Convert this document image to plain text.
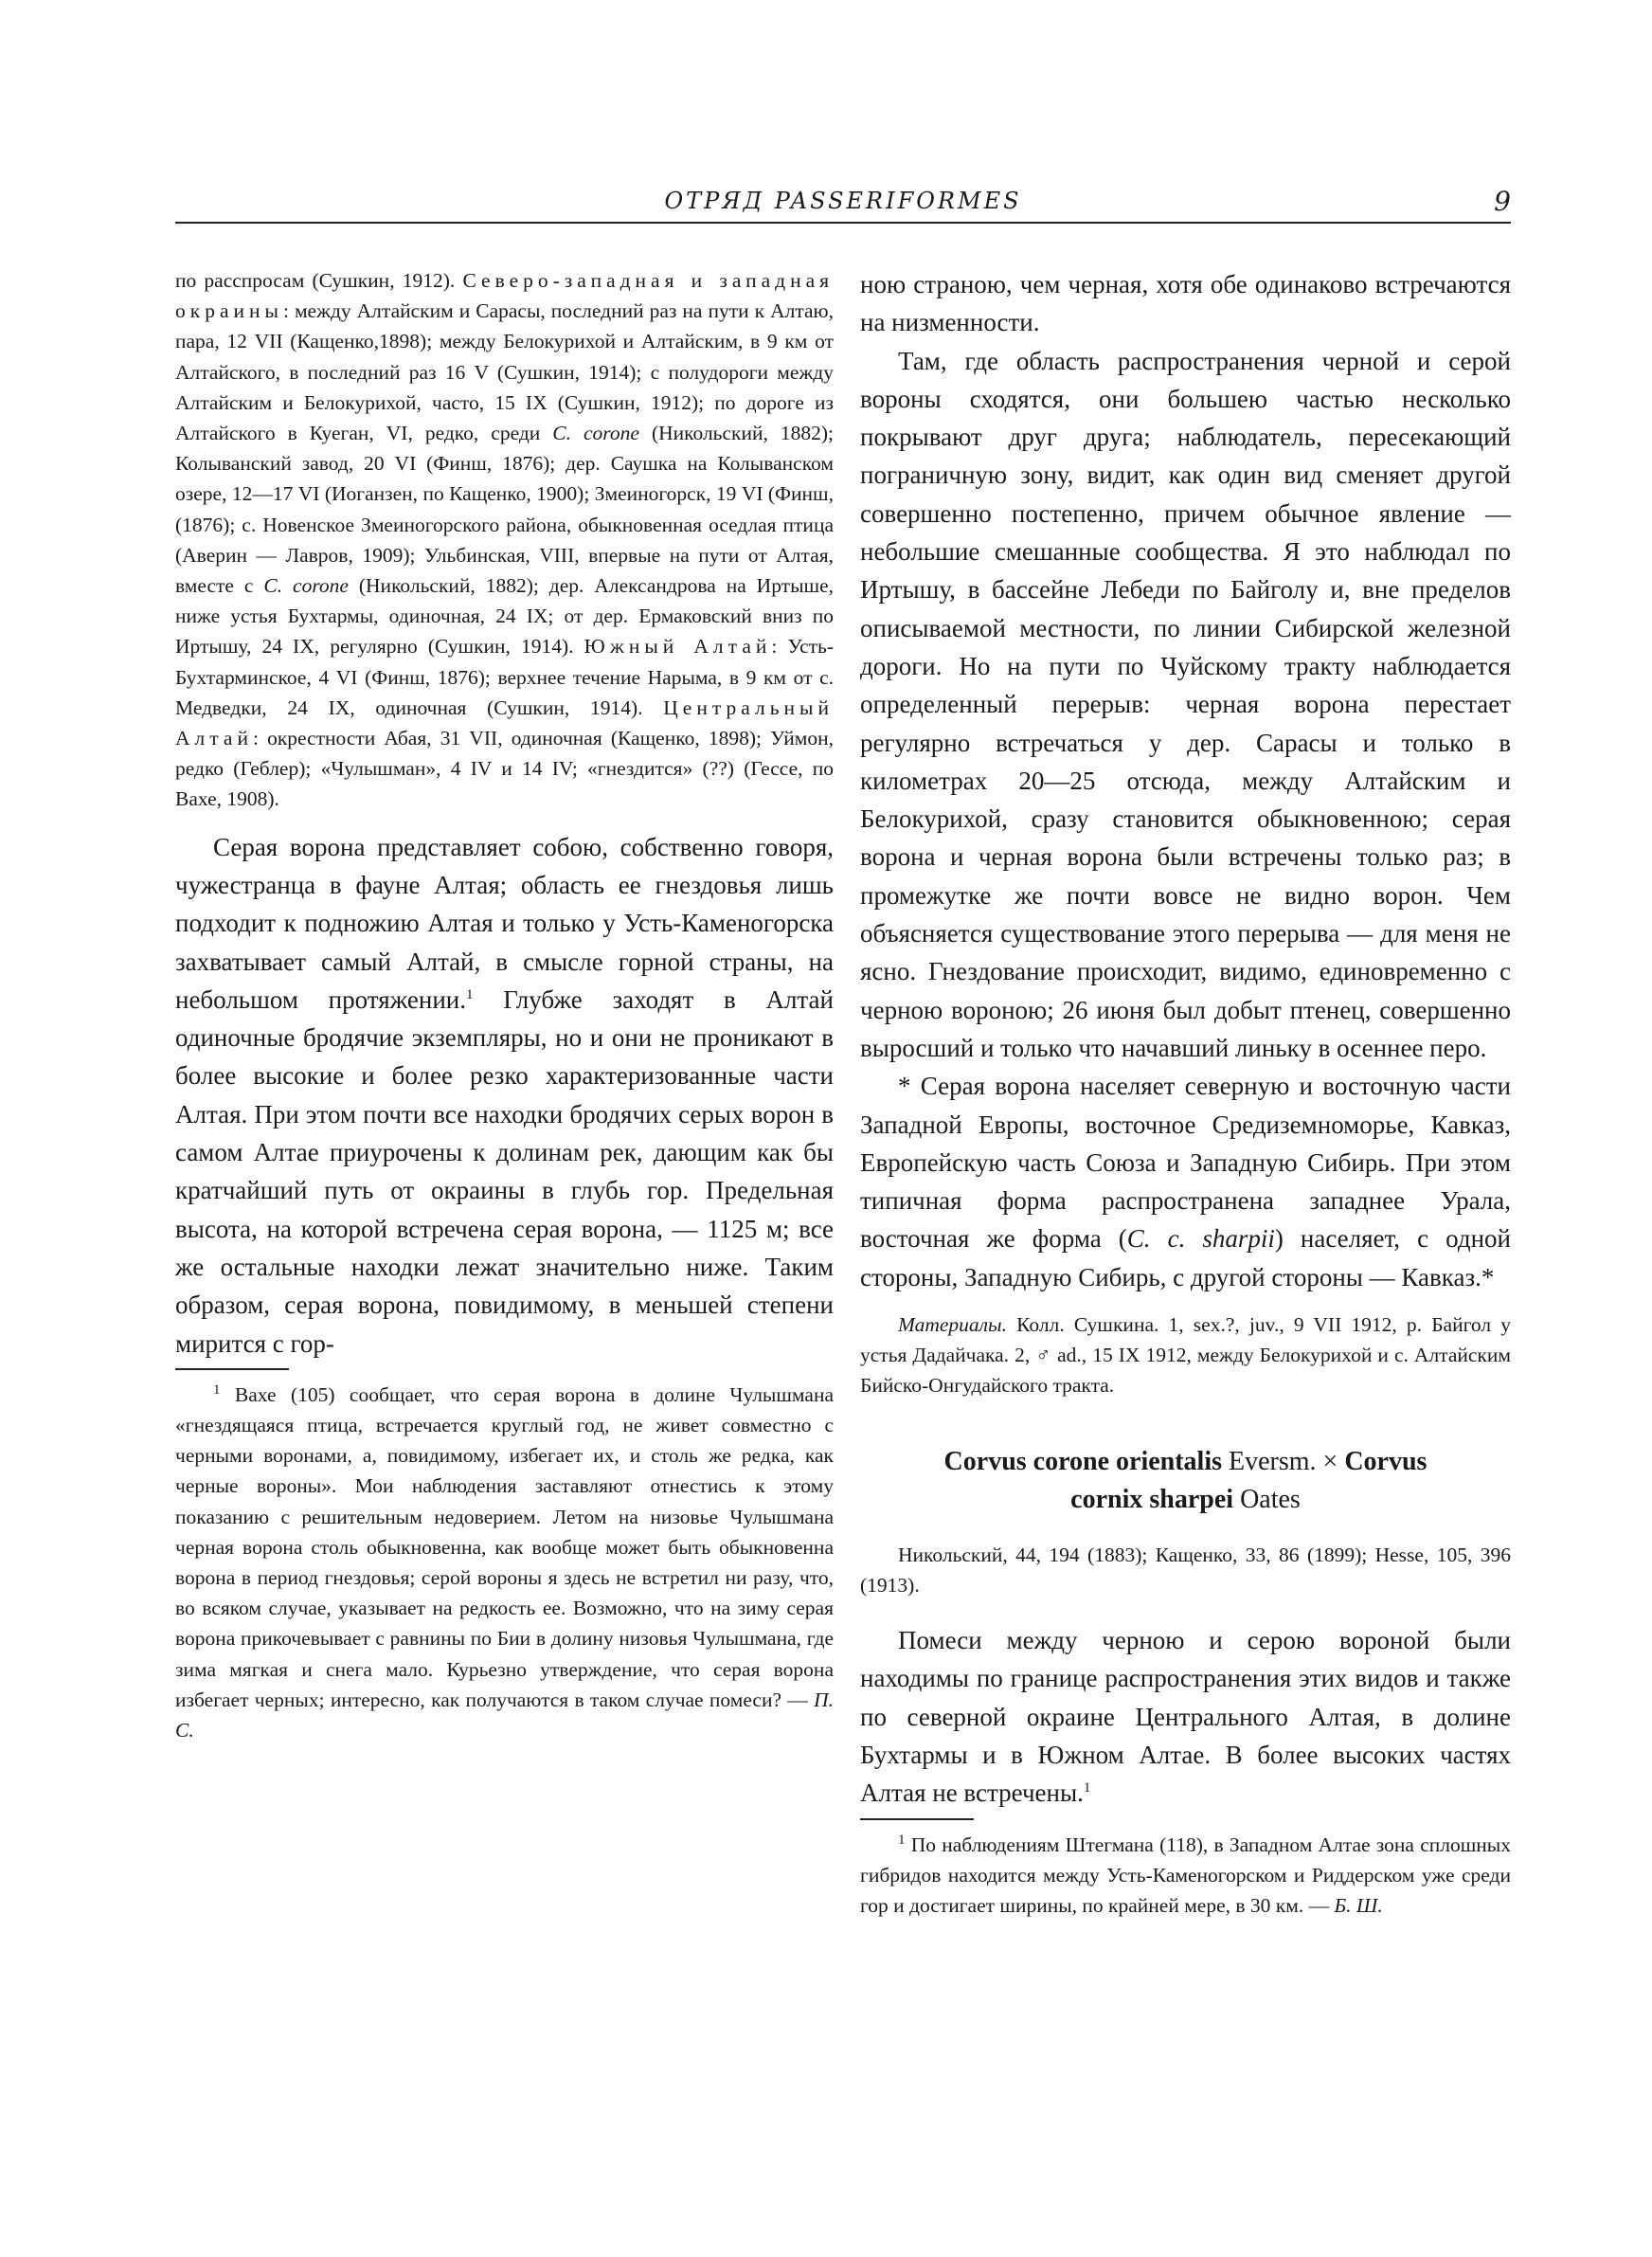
ОТРЯД PASSERIFORMES	9

по расспросам (Сушкин, 1912). Северо-западная и западная окраины: между Алтайским и Сарасы, последний раз на пути к Алтаю, пара, 12 VII (Кащенко,1898); между Белокурихой и Алтайским, в 9 км от Алтайского, в последний раз 16 V (Сушкин, 1914); с полудороги между Алтайским и Белокурихой, часто, 15 IX (Сушкин, 1912); по дороге из Алтайского в Куеган, VI, редко, среди C. corone (Никольский, 1882); Колыванский завод, 20 VI (Финш, 1876); дер. Саушка на Колыванском озере, 12—17 VI (Иоганзен, по Кащенко, 1900); Змеиногорск, 19 VI (Финш, (1876); с. Новенское Змеиногорского района, обыкновенная оседлая птица (Аверин — Лавров, 1909); Ульбинская, VIII, впервые на пути от Алтая, вместе с C. corone (Никольский, 1882); дер. Александрова на Иртыше, ниже устья Бухтармы, одиночная, 24 IX; от дер. Ермаковский вниз по Иртышу, 24 IX, регулярно (Сушкин, 1914). Южный Алтай: Усть-Бухтарминское, 4 VI (Финш, 1876); верхнее течение Нарыма, в 9 км от с. Медведки, 24 IX, одиночная (Сушкин, 1914). Центральный Алтай: окрестности Абая, 31 VII, одиночная (Кащенко, 1898); Уймон, редко (Геблер); «Чулышман», 4 IV и 14 IV; «гнездится» (??) (Гессе, по Вахе, 1908).

Серая ворона представляет собою, собственно говоря, чужестранца в фауне Алтая; область ее гнездовья лишь подходит к подножию Алтая и только у Усть-Каменогорска захватывает самый Алтай, в смысле горной страны, на небольшом протяжении.$^1$ Глубже заходят в Алтай одиночные бродячие экземпляры, но и они не проникают в более высокие и более резко характеризованные части Алтая. При этом почти все находки бродячих серых ворон в самом Алтае приурочены к долинам рек, дающим как бы кратчайший путь от окраины в глубь гор. Предельная высота, на которой встречена серая ворона, — 1125 м; все же остальные находки лежат значительно ниже. Таким образом, серая ворона, повидимому, в меньшей степени мирится с гор-

$^1$ Вахе (105) сообщает, что серая ворона в долине Чулышмана «гнездящаяся птица, встречается круглый год, не живет совместно с черными воронами, а, повидимому, избегает их, и столь же редка, как черные вороны». Мои наблюдения заставляют отнестись к этому показанию с решительным недоверием. Летом на низовье Чулышмана черная ворона столь обыкновенна, как вообще может быть обыкновенна ворона в период гнездовья; серой вороны я здесь не встретил ни разу, что, во всяком случае, указывает на редкость ее. Возможно, что на зиму серая ворона прикочевывает с равнины по Бии в долину низовья Чулышмана, где зима мягкая и снега мало. Курьезно утверждение, что серая ворона избегает черных; интересно, как получаются в таком случае помеси? — П. С.

ною страною, чем черная, хотя обе одинаково встречаются на низменности.

Там, где область распространения черной и серой вороны сходятся, они большею частью несколько покрывают друг друга; наблюдатель, пересекающий пограничную зону, видит, как один вид сменяет другой совершенно постепенно, причем обычное явление — небольшие смешанные сообщества. Я это наблюдал по Иртышу, в бассейне Лебеди по Байголу и, вне пределов описываемой местности, по линии Сибирской железной дороги. Но на пути по Чуйскому тракту наблюдается определенный перерыв: черная ворона перестает регулярно встречаться у дер. Сарасы и только в километрах 20—25 отсюда, между Алтайским и Белокурихой, сразу становится обыкновенною; серая ворона и черная ворона были встречены только раз; в промежутке же почти вовсе не видно ворон. Чем объясняется существование этого перерыва — для меня не ясно. Гнездование происходит, видимо, единовременно с черною вороною; 26 июня был добыт птенец, совершенно выросший и только что начавший линьку в осеннее перо.

* Серая ворона населяет северную и восточную части Западной Европы, восточное Средиземноморье, Кавказ, Европейскую часть Союза и Западную Сибирь. При этом типичная форма распространена западнее Урала, восточная же форма (C. c. sharpii) населяет, с одной стороны, Западную Сибирь, с другой стороны — Кавказ.*

Материалы. Колл. Сушкина. 1, sex.?, juv., 9 VII 1912, р. Байгол у устья Дадайчака. 2, ♂ ad., 15 IX 1912, между Белокурихой и с. Алтайским Бийско-Онгудайского тракта.

Corvus corone orientalis Eversm. × Corvus
cornix sharpei Oates

Никольский, 44, 194 (1883); Кащенко, 33, 86 (1899); Hesse, 105, 396 (1913).

Помеси между черною и серою вороной были находимы по границе распространения этих видов и также по северной окраине Центрального Алтая, в долине Бухтармы и в Южном Алтае. В более высоких частях Алтая не встречены.$^1$

$^1$ По наблюдениям Штегмана (118), в Западном Алтае зона сплошных гибридов находится между Усть-Каменогорском и Риддерском уже среди гор и достигает ширины, по крайней мере, в 30 км. — Б. Ш.
